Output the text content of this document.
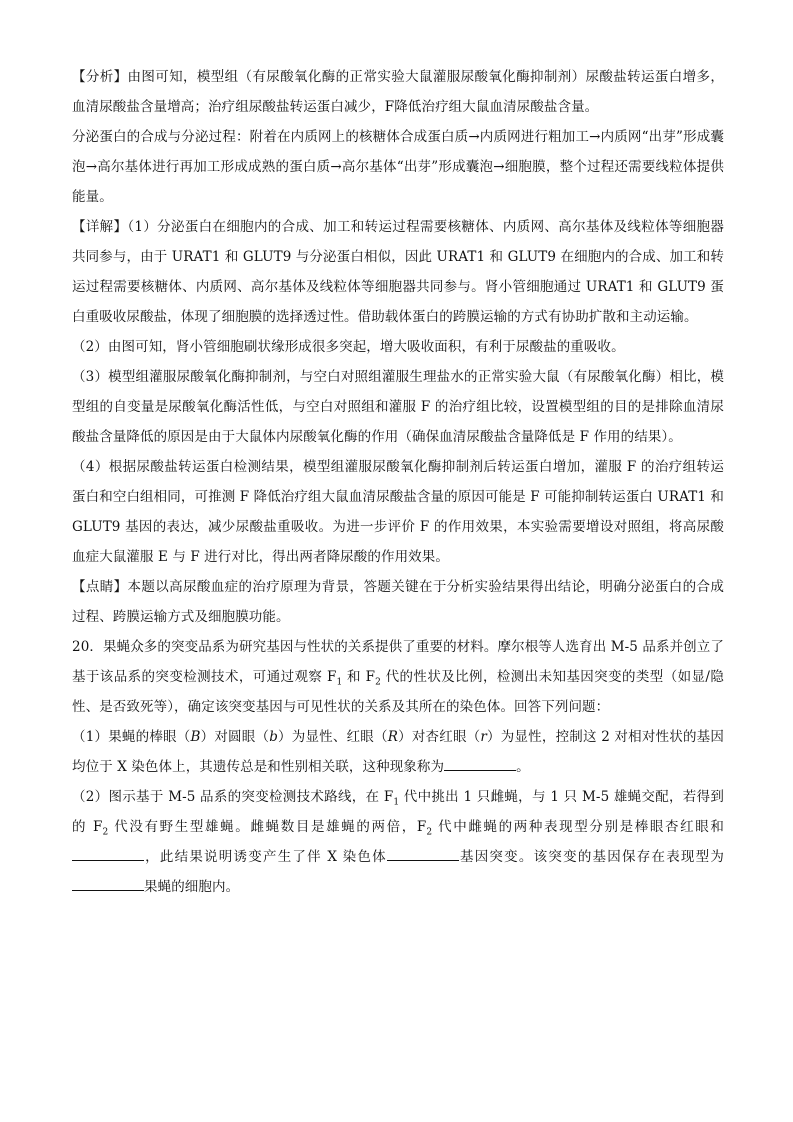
【分析】由图可知，模型组（有尿酸氧化酶的正常实验大鼠灌服尿酸氧化酶抑制剂）尿酸盐转运蛋白增多，血清尿酸盐含量增高；治疗组尿酸盐转运蛋白减少，F降低治疗组大鼠血清尿酸盐含量。

分泌蛋白的合成与分泌过程：附着在内质网上的核糖体合成蛋白质→内质网进行粗加工→内质网“出芽”形成囊泡→高尔基体进行再加工形成成熟的蛋白质→高尔基体“出芽”形成囊泡→细胞膜，整个过程还需要线粒体提供能量。

【详解】（1）分泌蛋白在细胞内的合成、加工和转运过程需要核糖体、内质网、高尔基体及线粒体等细胞器共同参与，由于 URAT1 和 GLUT9 与分泌蛋白相似，因此 URAT1 和 GLUT9 在细胞内的合成、加工和转运过程需要核糖体、内质网、高尔基体及线粒体等细胞器共同参与。肾小管细胞通过 URAT1 和 GLUT9 蛋白重吸收尿酸盐，体现了细胞膜的选择透过性。借助载体蛋白的跨膜运输的方式有协助扩散和主动运输。

（2）由图可知，肾小管细胞刷状缘形成很多突起，增大吸收面积，有利于尿酸盐的重吸收。

（3）模型组灌服尿酸氧化酶抑制剂，与空白对照组灌服生理盐水的正常实验大鼠（有尿酸氧化酶）相比，模型组的自变量是尿酸氧化酶活性低，与空白对照组和灌服 F 的治疗组比较，设置模型组的目的是排除血清尿酸盐含量降低的原因是由于大鼠体内尿酸氧化酶的作用（确保血清尿酸盐含量降低是 F 作用的结果）。

（4）根据尿酸盐转运蛋白检测结果，模型组灌服尿酸氧化酶抑制剂后转运蛋白增加，灌服 F 的治疗组转运蛋白和空白组相同，可推测 F 降低治疗组大鼠血清尿酸盐含量的原因可能是 F 可能抑制转运蛋白 URAT1 和 GLUT9 基因的表达，减少尿酸盐重吸收。为进一步评价 F 的作用效果，本实验需要增设对照组，将高尿酸血症大鼠灌服 E 与 F 进行对比，得出两者降尿酸的作用效果。

【点睛】本题以高尿酸血症的治疗原理为背景，答题关键在于分析实验结果得出结论，明确分泌蛋白的合成过程、跨膜运输方式及细胞膜功能。

20．果蝇众多的突变品系为研究基因与性状的关系提供了重要的材料。摩尔根等人选育出 M-5 品系并创立了基于该品系的突变检测技术，可通过观察 $F_1$ 和 $F_2$ 代的性状及比例，检测出未知基因突变的类型（如显/隐性、是否致死等），确定该突变基因与可见性状的关系及其所在的染色体。回答下列问题：

（1）果蝇的棒眼（B）对圆眼（b）为显性、红眼（R）对杏红眼（r）为显性，控制这 2 对相对性状的基因均位于 X 染色体上，其遗传总是和性别相关联，这种现象称为	。

（2）图示基于 M-5 品系的突变检测技术路线，在 $F_1$ 代中挑出 1 只雌蝇，与 1 只 M-5 雄蝇交配，若得到的 $F_2$ 代没有野生型雄蝇。雌蝇数目是雄蝇的两倍，$F_2$ 代中雌蝇的两种表现型分别是棒眼杏红眼和，此结果说明诱变产生了伴 X 染色体	基因突变。该突变的基因保存在表现型为果蝇的细胞内。
